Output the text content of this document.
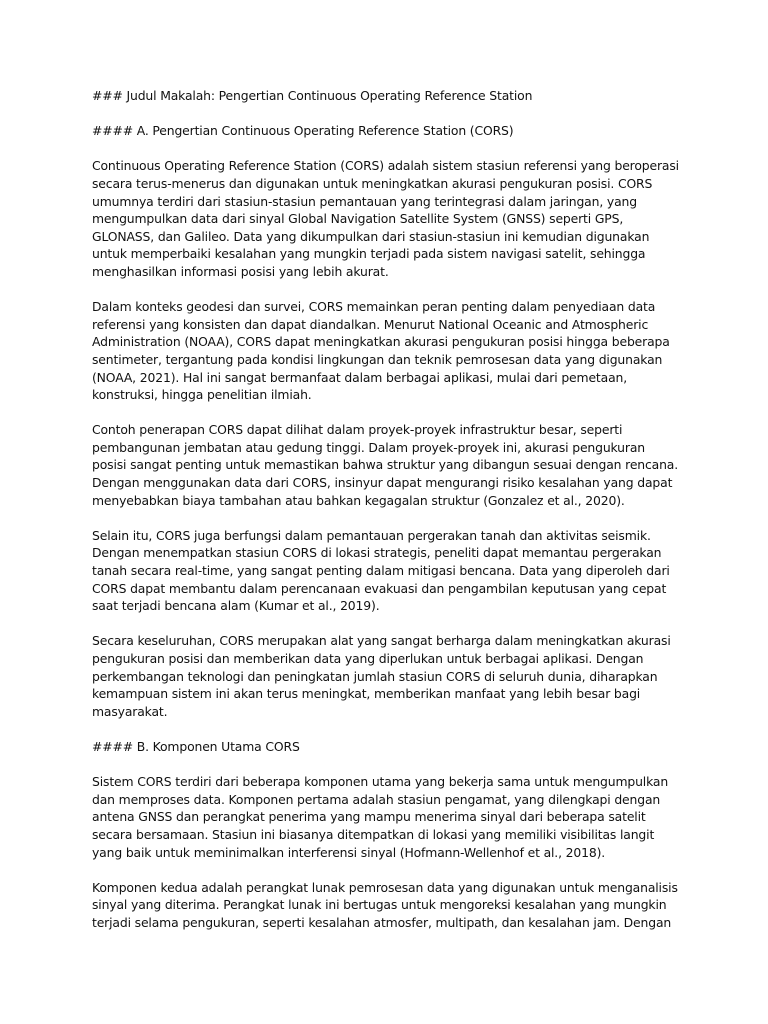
### Judul Makalah: Pengertian Continuous Operating Reference Station
#### A. Pengertian Continuous Operating Reference Station (CORS)

Continuous Operating Reference Station (CORS) adalah sistem stasiun referensi yang beroperasi secara terus-menerus dan digunakan untuk meningkatkan akurasi pengukuran posisi. CORS umumnya terdiri dari stasiun-stasiun pemantauan yang terintegrasi dalam jaringan, yang mengumpulkan data dari sinyal Global Navigation Satellite System (GNSS) seperti GPS, GLONASS, dan Galileo. Data yang dikumpulkan dari stasiun-stasiun ini kemudian digunakan untuk memperbaiki kesalahan yang mungkin terjadi pada sistem navigasi satelit, sehingga menghasilkan informasi posisi yang lebih akurat.

Dalam konteks geodesi dan survei, CORS memainkan peran penting dalam penyediaan data referensi yang konsisten dan dapat diandalkan. Menurut National Oceanic and Atmospheric Administration (NOAA), CORS dapat meningkatkan akurasi pengukuran posisi hingga beberapa sentimeter, tergantung pada kondisi lingkungan dan teknik pemrosesan data yang digunakan (NOAA, 2021). Hal ini sangat bermanfaat dalam berbagai aplikasi, mulai dari pemetaan, konstruksi, hingga penelitian ilmiah.

Contoh penerapan CORS dapat dilihat dalam proyek-proyek infrastruktur besar, seperti pembangunan jembatan atau gedung tinggi. Dalam proyek-proyek ini, akurasi pengukuran posisi sangat penting untuk memastikan bahwa struktur yang dibangun sesuai dengan rencana. Dengan menggunakan data dari CORS, insinyur dapat mengurangi risiko kesalahan yang dapat menyebabkan biaya tambahan atau bahkan kegagalan struktur (Gonzalez et al., 2020).

Selain itu, CORS juga berfungsi dalam pemantauan pergerakan tanah dan aktivitas seismik. Dengan menempatkan stasiun CORS di lokasi strategis, peneliti dapat memantau pergerakan tanah secara real-time, yang sangat penting dalam mitigasi bencana. Data yang diperoleh dari CORS dapat membantu dalam perencanaan evakuasi dan pengambilan keputusan yang cepat saat terjadi bencana alam (Kumar et al., 2019).

Secara keseluruhan, CORS merupakan alat yang sangat berharga dalam meningkatkan akurasi pengukuran posisi dan memberikan data yang diperlukan untuk berbagai aplikasi. Dengan perkembangan teknologi dan peningkatan jumlah stasiun CORS di seluruh dunia, diharapkan kemampuan sistem ini akan terus meningkat, memberikan manfaat yang lebih besar bagi masyarakat.

#### B. Komponen Utama CORS

Sistem CORS terdiri dari beberapa komponen utama yang bekerja sama untuk mengumpulkan dan memproses data. Komponen pertama adalah stasiun pengamat, yang dilengkapi dengan antena GNSS dan perangkat penerima yang mampu menerima sinyal dari beberapa satelit secara bersamaan. Stasiun ini biasanya ditempatkan di lokasi yang memiliki visibilitas langit yang baik untuk meminimalkan interferensi sinyal (Hofmann-Wellenhof et al., 2018).

Komponen kedua adalah perangkat lunak pemrosesan data yang digunakan untuk menganalisis sinyal yang diterima. Perangkat lunak ini bertugas untuk mengoreksi kesalahan yang mungkin terjadi selama pengukuran, seperti kesalahan atmosfer, multipath, dan kesalahan jam. Dengan
